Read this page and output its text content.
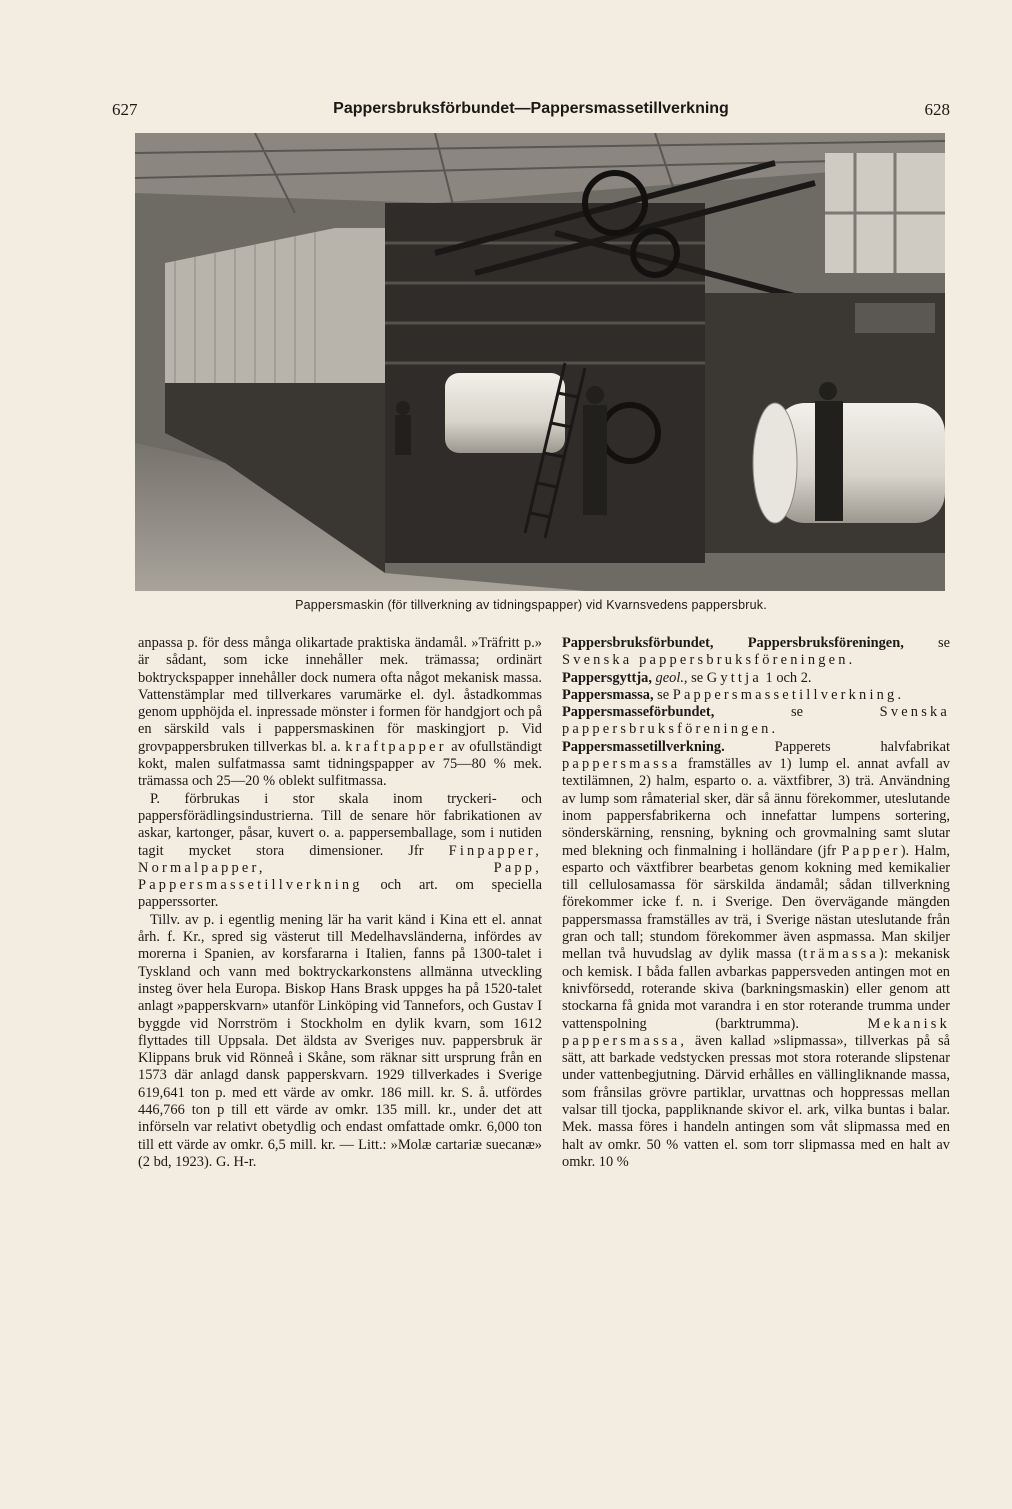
627	Pappersbruksförbundet—Pappersmassetillverkning	628
Pappersmaskin (för tillverkning av tidningspapper) vid Kvarnsvedens pappersbruk.

anpassa p. för dess många olikartade praktiska ändamål. »Träfritt p.» är sådant, som icke innehåller mek. trämassa; ordinärt boktryckspapper innehåller dock numera ofta något mekanisk massa. Vattenstämplar med tillverkares varumärke el. dyl. åstadkommas genom upphöjda el. inpressade mönster i formen för handgjort och på en särskild vals i pappersmaskinen för maskingjort p. Vid grovpappersbruken tillverkas bl. a. kraftpapper av ofullständigt kokt, malen sulfatmassa samt tidningspapper av 75—80 % mek. trämassa och 25—20 % oblekt sulfitmassa.

P. förbrukas i stor skala inom tryckeri- och pappersförädlingsindustrierna. Till de senare hör fabrikationen av askar, kartonger, påsar, kuvert o. a. pappersemballage, som i nutiden tagit mycket stora dimensioner. Jfr Finpapper, Normalpapper,	Papp, Pappersmassetillverkning och art. om speciella papperssorter.

Tillv. av p. i egentlig mening lär ha varit känd i Kina ett el. annat årh. f. Kr., spred sig västerut till Medelhavsländerna, infördes av morerna i Spanien, av korsfararna i Italien, fanns på 1300-talet i Tyskland och vann med boktryckarkonstens allmänna utveckling insteg över hela Europa. Biskop Hans Brask uppges ha på 1520-talet anlagt »papperskvarn» utanför Linköping vid Tannefors, och Gustav I byggde vid Norrström i Stockholm en dylik kvarn, som 1612 flyttades till Uppsala. Det äldsta av Sveriges nuv. pappersbruk är Klippans bruk vid Rönneå i Skåne, som räknar sitt ursprung från en 1573 där anlagd dansk papperskvarn. 1929 tillverkades i Sverige 619,641 ton p. med ett värde av omkr. 186 mill. kr. S. å. utfördes 446,766 ton p till ett värde av omkr. 135 mill. kr., under det att införseln var relativt obetydlig och endast omfattade omkr. 6,000 ton till ett värde av omkr. 6,5 mill. kr. — Litt.: »Molæ cartariæ suecanæ» (2 bd, 1923). G. H-r.

Pappersbruksförbundet, Pappersbruksföreningen, se Svenska pappersbruksföreningen.

Pappersgyttja, geol., se Gyttja 1 och 2.

Pappersmassa, se Pappersmassetillverkning.

Pappersmasseförbundet,	se	Svenska pappersbruksföreningen.

Pappersmassetillverkning.	Papperets halvfabrikat pappersmassa framställes av 1) lump el. annat avfall av textilämnen, 2) halm, esparto o. a. växtfibrer, 3) trä. Användning av lump som råmaterial sker, där så ännu förekommer, uteslutande inom pappersfabrikerna och innefattar lumpens sortering, sönderskärning, rensning, bykning och grovmalning samt slutar med blekning och finmalning i holländare (jfr Papper). Halm, esparto och växtfibrer bearbetas genom kokning med kemikalier till cellulosamassa för särskilda ändamål; sådan tillverkning förekommer icke f. n. i Sverige. Den övervägande mängden pappersmassa framställes av trä, i Sverige nästan uteslutande från gran och tall; stundom förekommer även aspmassa. Man skiljer mellan två huvudslag av dylik massa (trämassa): mekanisk och kemisk. I båda fallen avbarkas pappersveden antingen mot en knivförsedd, roterande skiva (barkningsmaskin) eller genom att stockarna få gnida mot varandra i en stor roterande trumma under vattenspolning (barktrumma).	Mekanisk pappersmassa, även kallad »slipmassa», tillverkas på så sätt, att barkade vedstycken pressas mot stora roterande slipstenar under vattenbegjutning. Därvid erhålles en vällingliknande massa, som frånsilas grövre partiklar, urvattnas och hoppressas mellan valsar till tjocka, pappliknande skivor el. ark, vilka buntas i balar. Mek. massa föres i handeln antingen som våt slipmassa med en halt av omkr. 50 % vatten el. som torr slipmassa med en halt av omkr. 10 %
